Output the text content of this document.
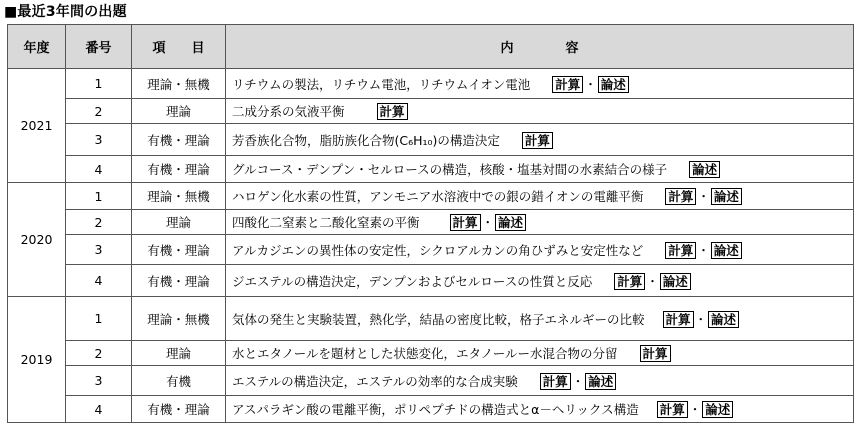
■最近3年間の出題
年度	番号	項　　目	内　　　　容
2021	1	理論・無機	リチウムの製法，リチウム電池，リチウムイオン電池 計算 ・ 論述
	2	理論	二成分系の気液平衡 計算
	3	有機・理論	芳香族化合物，脂肪族化合物(C₆H₁₀)の構造決定 計算
	4	有機・理論	グルコース・デンプン・セルロースの構造，核酸・塩基対間の水素結合の様子 論述
2020	1	理論・無機	ハロゲン化水素の性質，アンモニア水溶液中での銀の錯イオンの電離平衡 計算 ・ 論述
	2	理論	四酸化二窒素と二酸化窒素の平衡 計算 ・ 論述
	3	有機・理論	アルカジエンの異性体の安定性，シクロアルカンの角ひずみと安定性など 計算 ・ 論述
	4	有機・理論	ジエステルの構造決定，デンプンおよびセルロースの性質と反応 計算 ・ 論述
2019	1	理論・無機	気体の発生と実験装置，熱化学，結晶の密度比較，格子エネルギーの比較 計算 ・ 論述
	2	理論	水とエタノールを題材とした状態変化，エタノールー水混合物の分留 計算
	3	有機	エステルの構造決定，エステルの効率的な合成実験 計算 ・ 論述
	4	有機・理論	アスパラギン酸の電離平衡，ポリペプチドの構造式とα－ヘリックス構造 計算 ・ 論述
